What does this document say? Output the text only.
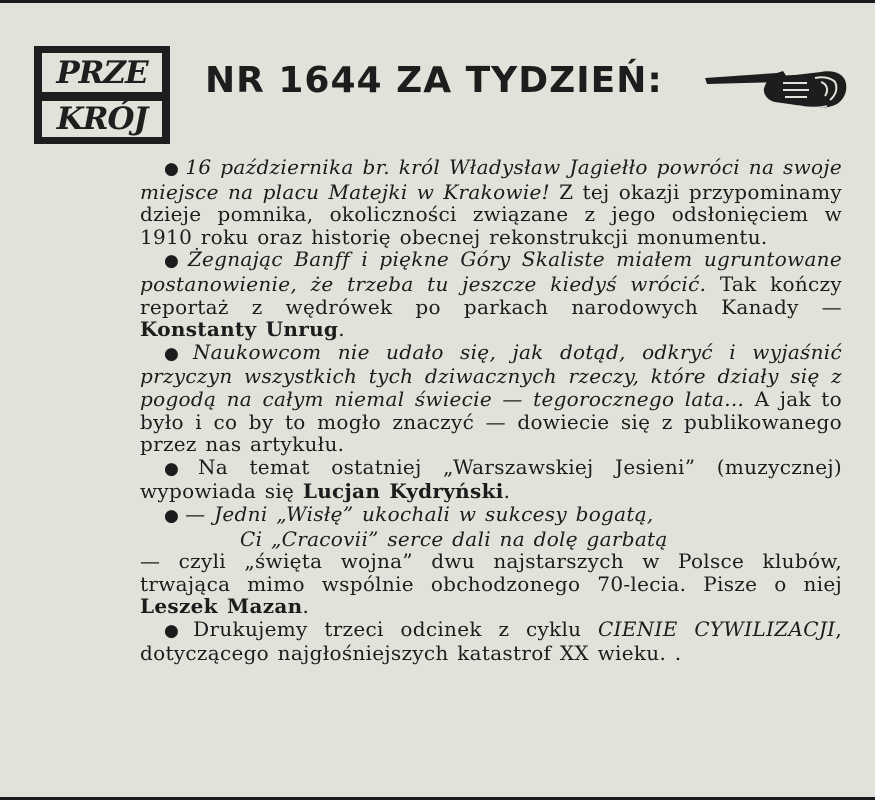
PRZE
KRÓJ
NR 1644 ZA TYDZIEŃ:

● 16 października br. król Władysław Jagiełło powróci na swoje miejsce na placu Matejki w Krakowie! Z tej okazji przypominamy dzieje pomnika, okoliczności związane z jego odsłonięciem w 1910 roku oraz historię obecnej rekonstrukcji monumentu.

● Żegnając Banff i piękne Góry Skaliste miałem ugruntowane postanowienie, że trzeba tu jeszcze kiedyś wrócić. Tak kończy reportaż z wędrówek po parkach narodowych Kanady — Konstanty Unrug.

● Naukowcom nie udało się, jak dotąd, odkryć i wyjaśnić przyczyn wszystkich tych dziwacznych rzeczy, które działy się z pogodą na całym niemal świecie — tegorocznego lata... A jak to było i co by to mogło znaczyć — dowiecie się z publikowanego przez nas artykułu.

● Na temat ostatniej „Warszawskiej Jesieni” (muzycznej) wypowiada się Lucjan Kydryński.

● — Jedni „Wisłę” ukochali w sukcesy bogatą,
Ci „Cracovii” serce dali na dolę garbatą
— czyli „święta wojna” dwu najstarszych w Polsce klubów, trwająca mimo wspólnie obchodzonego 70-lecia. Pisze o niej Leszek Mazan.

● Drukujemy trzeci odcinek z cyklu CIENIE CYWILIZACJI, dotyczącego najgłośniejszych katastrof XX wieku. .
